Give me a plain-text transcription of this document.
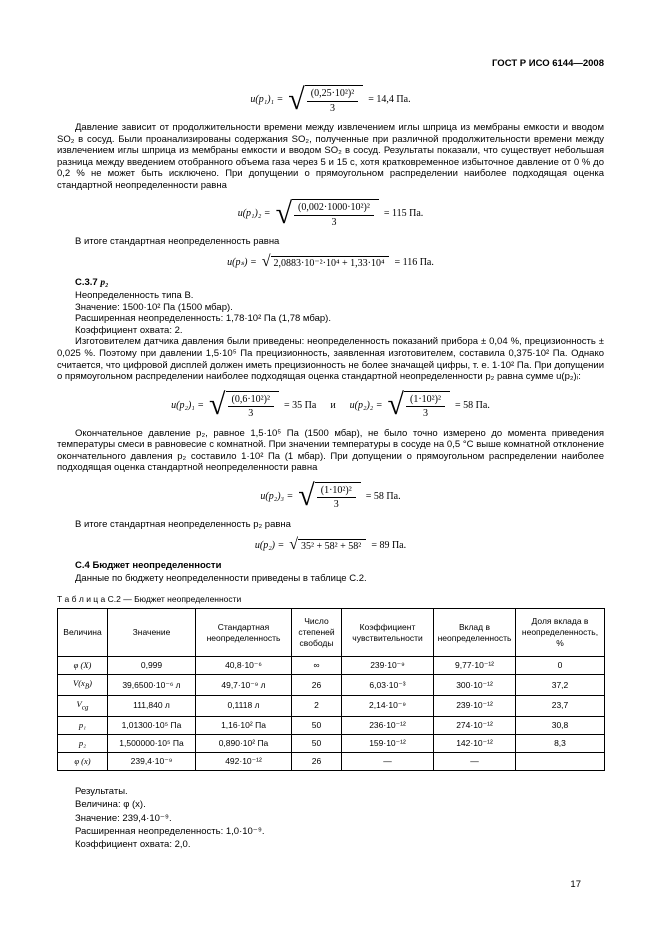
ГОСТ Р ИСО 6144—2008
u(p₁)₁ = √ $\frac{\text{(0,25·10²)²}}{3} = 14,4$ Па.

Давление зависит от продолжительности времени между извлечением иглы шприца из мембраны емкости и вводом SO₂ в сосуд. Были проанализированы содержания SO₂, полученные при различной продолжительности времени между извлечением иглы шприца из мембраны емкости и вводом SO₂ в сосуд. Результаты показали, что существует небольшая разница между введением отобранного объема газа через 5 и 15 с, хотя кратковременное избыточное давление от 0 % до 0,2 % не может быть исключено. При допущении о прямоугольном распределении наиболее подходящая оценка стандартной неопределенности равна

u(p₁)₂ = √ $\frac{\text{(0,002·1000·10²)²}}{3} = 115$ Па.

В итоге стандартная неопределенность равна

u(pₛ) = √ 2,0883·10⁻²·10⁴ + 1,33·10⁴	= 116 Па.
С.3.7 p₂
Неопределенность типа В.
Значение: 1500·10² Па (1500 мбар).
Расширенная неопределенность: 1,78·10² Па (1,78 мбар).
Коэффициент охвата: 2.

Изготовителем датчика давления были приведены: неопределенность показаний прибора ± 0,04 %, прецизионность ± 0,025 %. Поэтому при давлении 1,5·10⁵ Па прецизионность, заявленная изготовителем, составила 0,375·10² Па. Однако считается, что цифровой дисплей должен иметь прецизионность не более значащей цифры, т. е. 1·10² Па. При допущении о прямоугольном распределении наиболее подходящая оценка стандартной неопределенности p₂ равна сумме u(p₂)ᵢ:

u(p₂)₁ = √ $\frac{\text{(0,6·10²)²}}{3} = 35$ Па и u(p₂)₂ = √ $\frac{\text{(1·10²)²}}{3} = 58$ Па.

Окончательное давление p₂, равное 1,5·10⁵ Па (1500 мбар), не было точно измерено до момента приведения температуры смеси в равновесие с комнатной. При значении температуры в сосуде на 0,5 °С выше комнатной отклонение окончательного давления p₂ составило 1·10² Па (1 мбар). При допущении о прямоугольном распределении наиболее подходящая оценка стандартной неопределенности равна

u(p₂)₃ = √ $\frac{\text{(1·10²)²}}{3} = 58$ Па.

В итоге стандартная неопределенность p₂ равна

u(p₂) = √ 35² + 58² + 58²	= 89 Па.
С.4 Бюджет неопределенности

Данные по бюджету неопределенности приведены в таблице С.2.

Т а б л и ц а С.2 — Бюджет неопределенности
Величина	Значение	Стандартная неопределенность	Число степеней свободы	Коэффициент чувствительности	Вклад в неопределенность	Доля вклада в неопределенность, %
φ (X)	0,999	40,8·10⁻⁶	∞	239·10⁻⁹	9,77·10⁻¹²	0
$V(x_B)$	39,6500·10⁻⁶ л	49,7·10⁻⁹ л	26	6,03·10⁻³	300·10⁻¹²	37,2
$V_{cg}$	111,840 л	0,1118 л	2	2,14·10⁻⁹	239·10⁻¹²	23,7
p₁	1,01300·10⁵ Па	1,16·10² Па	50	236·10⁻¹²	274·10⁻¹²	30,8
p₂	1,500000·10⁵ Па	0,890·10² Па	50	159·10⁻¹²	142·10⁻¹²	8,3
φ (x)	239,4·10⁻⁹	492·10⁻¹²	26	—	—	
Результаты.
Величина: φ (x).
Значение: 239,4·10⁻⁹.
Расширенная неопределенность: 1,0·10⁻⁹.
Коэффициент охвата: 2,0.
17
